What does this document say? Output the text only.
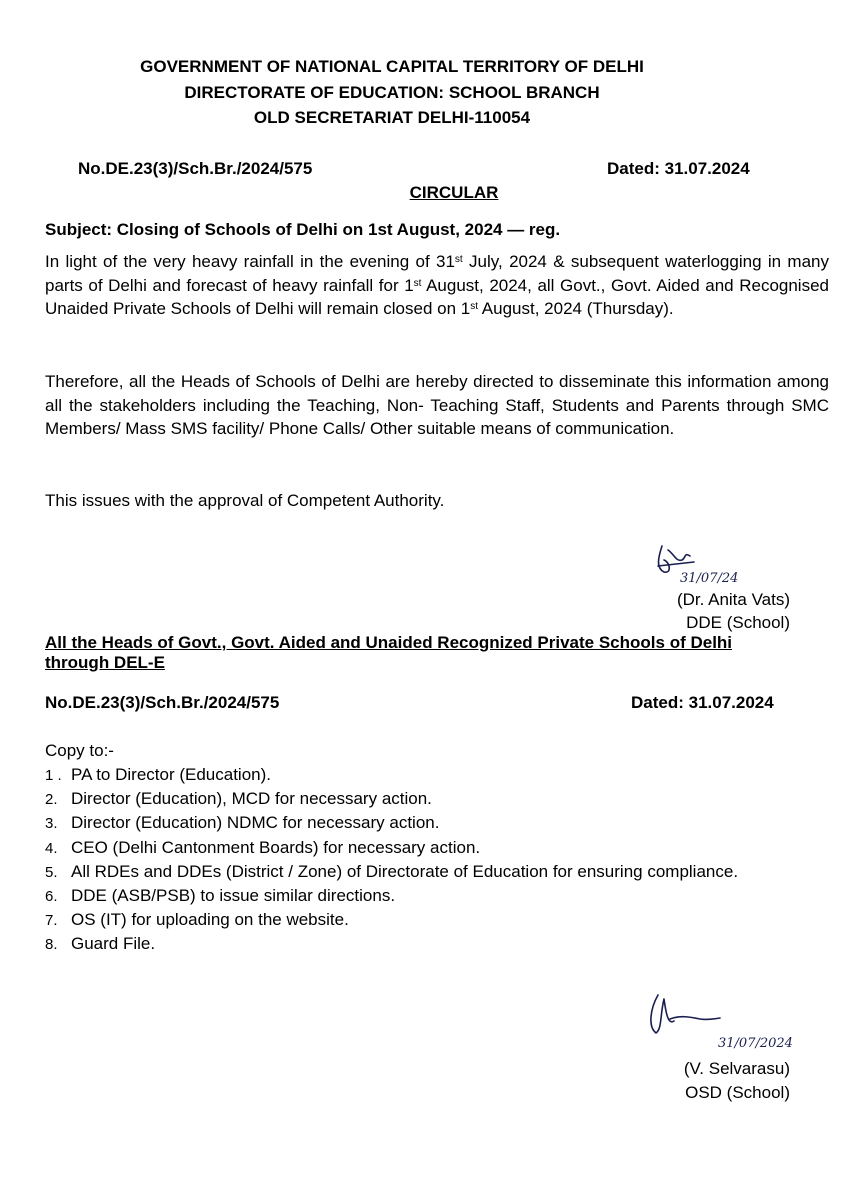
GOVERNMENT OF NATIONAL CAPITAL TERRITORY OF DELHI
DIRECTORATE OF EDUCATION: SCHOOL BRANCH
OLD SECRETARIAT DELHI-110054
No.DE.23(3)/Sch.Br./2024/575	Dated: 31.07.2024
CIRCULAR
Subject: Closing of Schools of Delhi on 1st August, 2024 — reg.
In light of the very heavy rainfall in the evening of 31st July, 2024 & subsequent waterlogging in many parts of Delhi and forecast of heavy rainfall for 1st August, 2024, all Govt., Govt. Aided and Recognised Unaided Private Schools of Delhi will remain closed on 1st August, 2024 (Thursday).
Therefore, all the Heads of Schools of Delhi are hereby directed to disseminate this information among all the stakeholders including the Teaching, Non- Teaching Staff, Students and Parents through SMC Members/ Mass SMS facility/ Phone Calls/ Other suitable means of communication.
This issues with the approval of Competent Authority.
31/07/24
(Dr. Anita Vats)
DDE (School)
All the Heads of Govt., Govt. Aided and Unaided Recognized Private Schools of Delhi
through DEL-E
No.DE.23(3)/Sch.Br./2024/575	Dated: 31.07.2024
Copy to:-
1 . PA to Director (Education).
2. Director (Education), MCD for necessary action.
3. Director (Education) NDMC for necessary action.
4. CEO (Delhi Cantonment Boards) for necessary action.
5. All RDEs and DDEs (District / Zone) of Directorate of Education for ensuring compliance.
6. DDE (ASB/PSB) to issue similar directions.
7. OS (IT) for uploading on the website.
8. Guard File.
31/07/2024
(V. Selvarasu)
OSD (School)
